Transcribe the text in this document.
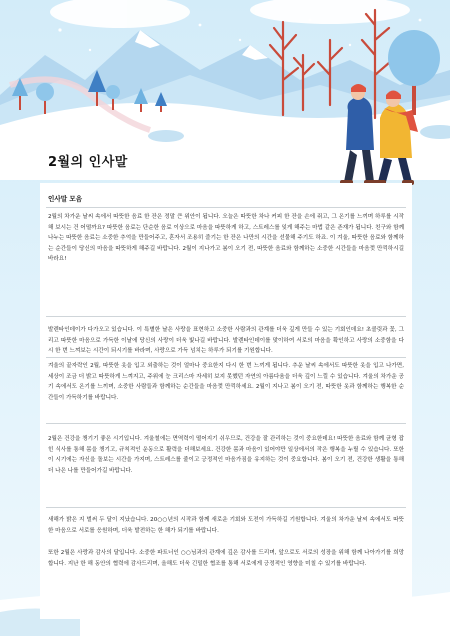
2월의 인사말
인사말 모음

2월의 차가운 날씨 속에서 따뜻한 음료 한 잔은 정말 큰 위안이 됩니다. 오늘은 따뜻한 차나 커피 한 잔을 손에 쥐고, 그 온기를 느끼며 하루를 시작해 보시는 건 어떨까요? 따뜻한 음료는 단순한 음료 이상으로 마음을 따뜻하게 하고, 스트레스를 잊게 해주는 마법 같은 존재가 됩니다. 친구와 함께 나누는 따뜻한 음료는 소중한 추억을 만들어주고, 혼자서 조용히 즐기는 한 잔은 나만의 시간을 선물해 주기도 하죠. 이 겨울, 따뜻한 음료와 함께하는 순간들이 당신의 마음을 따뜻하게 해주길 바랍니다. 2월이 지나가고 봄이 오기 전, 따뜻한 음료와 함께하는 소중한 시간들을 마음껏 만끽하시길 바라요!

발렌타인데이가 다가오고 있습니다. 이 특별한 날은 사랑을 표현하고 소중한 사람과의 관계를 더욱 깊게 만들 수 있는 기회인데요! 초콜릿과 꽃, 그리고 따뜻한 마음으로 가득한 이날에 당신의 사랑이 더욱 빛나길 바랍니다. 발렌타인데이를 맞이하여 서로의 마음을 확인하고 사랑의 소중함을 다시 한 번 느껴보는 시간이 되시기를 바라며, 사랑으로 가득 넘치는 하루가 되기를 기원합니다.

겨울의 끝자락인 2월, 따뜻한 옷을 입고 외출하는 것이 얼마나 중요한지 다시 한 번 느끼게 됩니다. 추운 날씨 속에서도 따뜻한 옷을 입고 나가면, 세상이 조금 더 밝고 따뜻하게 느껴지고, 주위에 눈 크리스마 자세히 보지 못했던 자연의 아름다움을 더욱 깊이 느낄 수 있습니다. 겨울의 차가운 공기 속에서도 온기를 느끼며, 소중한 사람들과 함께하는 순간들을 마음껏 만끽하세요. 2월이 지나고 봄이 오기 전, 따뜻한 옷과 함께하는 행복한 순간들이 가득하기를 바랍니다.

2월은 건강을 챙기기 좋은 시기입니다. 겨울철에는 면역력이 떨어지기 쉬우므로, 건강을 잘 관리하는 것이 중요한데요! 따뜻한 음료와 함께 균형 잡힌 식사를 통해 몸을 챙기고, 규칙적인 운동으로 활력을 더해보세요. 건강한 몸과 마음이 있어야만 일상에서의 작은 행복을 누릴 수 있습니다. 또한 이 시기에는 자신을 돌보는 시간을 가지며, 스트레스를 줄이고 긍정적인 마음가짐을 유지하는 것이 중요합니다. 봄이 오기 전, 건강한 생활을 통해 더 나은 나를 만들어가길 바랍니다.

새해가 밝은 지 벌써 두 달이 지났습니다. 20○○년의 시작과 함께 새로운 기회와 도전이 가득하길 기원합니다. 겨울의 차가운 날씨 속에서도 따뜻한 마음으로 서로를 응원하며, 더욱 발전하는 한 해가 되기를 바랍니다.

또한 2월은 사랑과 감사의 달입니다. 소중한 파트너인 ○○님과의 관계에 깊은 감사를 드리며, 앞으로도 서로의 성장을 위해 함께 나아가기를 희망합니다. 지난 한 해 동안의 협력에 감사드리며, 올해도 더욱 긴밀한 협조를 통해 서로에게 긍정적인 영향을 미칠 수 있기를 바랍니다.
